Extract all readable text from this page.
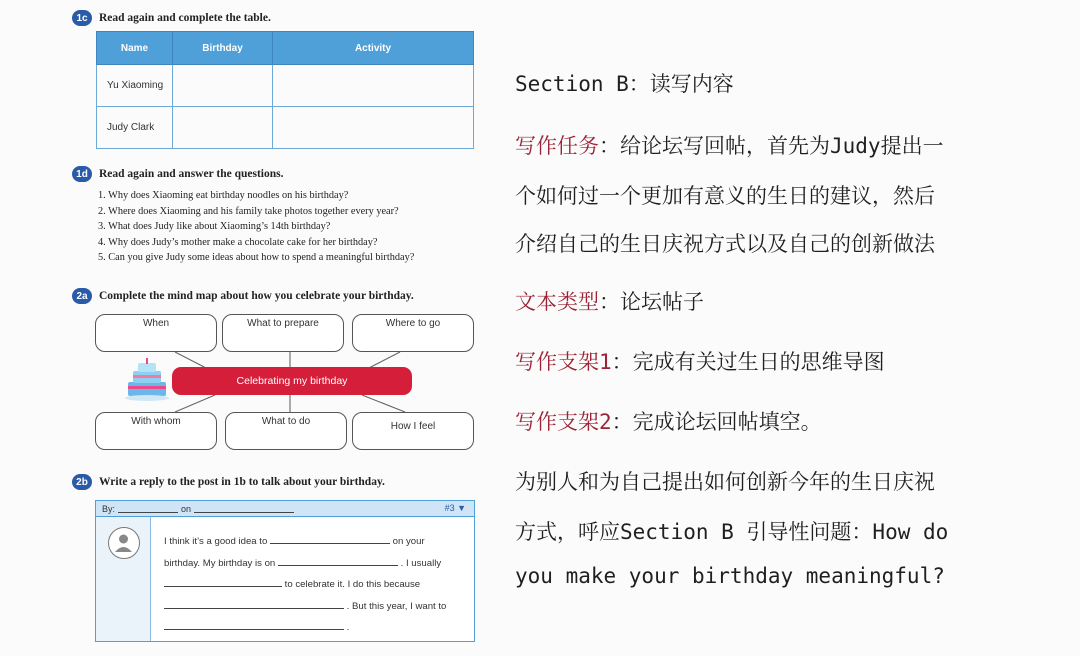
1c Read again and complete the table.
Name	Birthday	Activity
Yu Xiaoming		
Judy Clark		
1d Read again and answer the questions.
1. Why does Xiaoming eat birthday noodles on his birthday?
2. Where does Xiaoming and his family take photos together every year?
3. What does Judy like about Xiaoming’s 14th birthday?
4. Why does Judy’s mother make a chocolate cake for her birthday?
5. Can you give Judy some ideas about how to spend a meaningful birthday?
2a Complete the mind map about how you celebrate your birthday.
When	What to prepare	Where to go
With whom	What to do	How I feel
Celebrating my birthday
2b Write a reply to the post in 1b to talk about your birthday.
By:	on	#3 ▼
I think it’s a good idea to	on your
birthday. My birthday is on	. I usually
to celebrate it. I do this because
. But this year, I want to
.
Section B：读写内容
写作任务：给论坛写回帖，首先为Judy提出一
个如何过一个更加有意义的生日的建议，然后
介绍自己的生日庆祝方式以及自己的创新做法
文本类型：论坛帖子
写作支架1：完成有关过生日的思维导图
写作支架2：完成论坛回帖填空。
为别人和为自己提出如何创新今年的生日庆祝
方式，呼应Section B 引导性问题：How do
you make your birthday meaningful?
